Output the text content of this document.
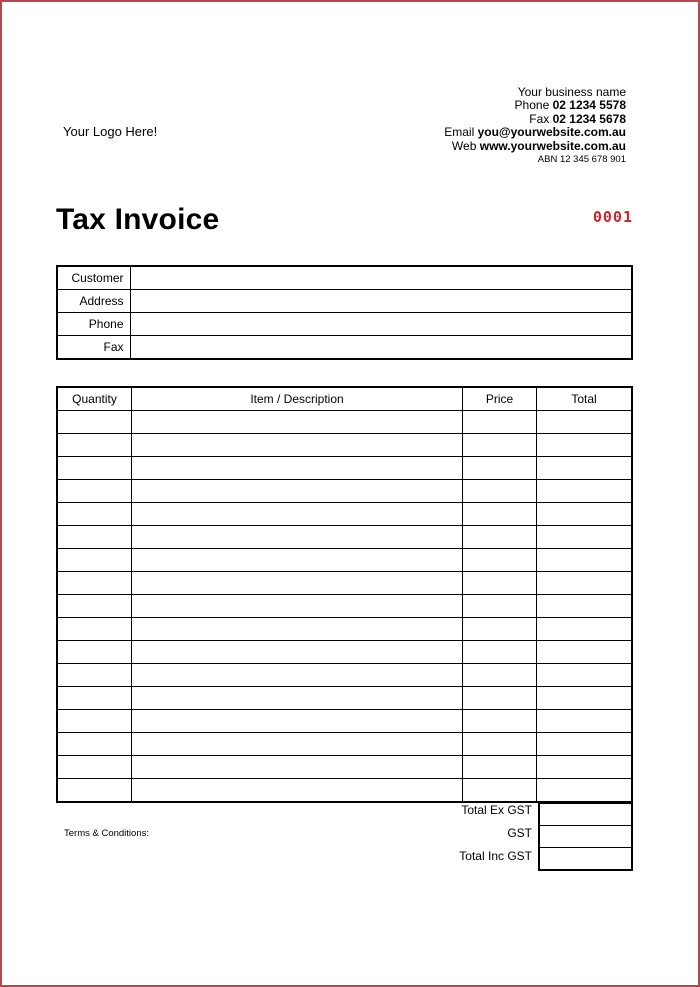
Your Logo Here!
Your business name
Phone 02 1234 5578
Fax 02 1234 5678
Email you@yourwebsite.com.au
Web www.yourwebsite.com.au
ABN 12 345 678 901
Tax Invoice	0001
Customer	
Address	
Phone	
Fax	
Quantity	Item / Description	Price	Total

Total Ex GST
GST
Total Inc GST

Terms & Conditions:
